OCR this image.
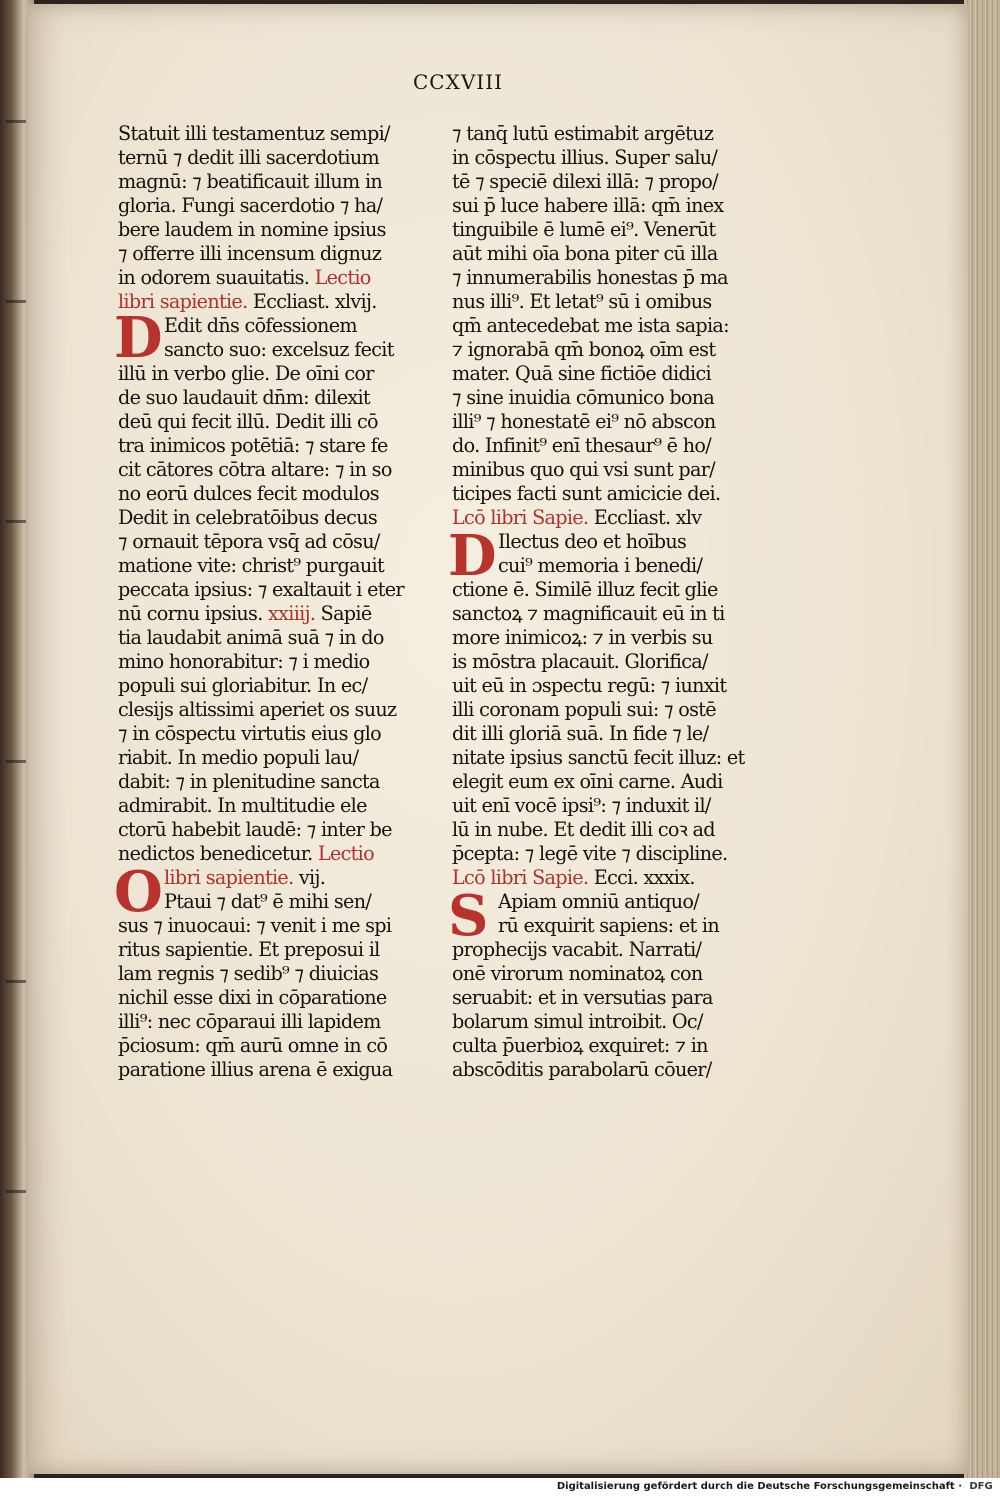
CCXVIII
Statuit illi testamentuz sempi/
ternū ⁊ dedit illi sacerdotium
magnū: ⁊ beatificauit illum in
gloria. Fungi sacerdotio ⁊ ha/
bere laudem in nomine ipsius
⁊ offerre illi incensum dignuz
in odorem suauitatis. Lectio
libri sapientie. Eccliast. xlvij.
D Edit dn̄s cōfessionem
sancto suo: excelsuz fecit
illū in verbo glie. De oīni cor
de suo laudauit dn̄m: dilexit
deū qui fecit illū. Dedit illi cō
tra inimicos potētiā: ⁊ stare fe
cit cātores cōtra altare: ⁊ in so
no eorū dulces fecit modulos
Dedit in celebratōibus decus
⁊ ornauit tēpora vsq̄ ad cōsu/
matione vite: christ⁹ purgauit
peccata ipsius: ⁊ exaltauit i eter
nū cornu ipsius. xxiiij. Sapiē
tia laudabit animā suā ⁊ in do
mino honorabitur: ⁊ i medio
populi sui gloriabitur. In ec/
clesijs altissimi aperiet os suuz
⁊ in cōspectu virtutis eius glo
riabit. In medio populi lau/
dabit: ⁊ in plenitudine sancta
admirabit. In multitudie ele
ctorū habebit laudē: ⁊ inter be
nedictos benedicetur. Lectio
O libri sapientie. vij.
Ptaui ⁊ dat⁹ ē mihi sen/
sus ⁊ inuocaui: ⁊ venit i me spi
ritus sapientie. Et preposui il
lam regnis ⁊ sedib⁹ ⁊ diuicias
nichil esse dixi in cōparatione
illi⁹: nec cōparaui illi lapidem
p̄ciosum: qm̄ aurū omne in cō
paratione illius arena ē exigua
⁊ tanq̄ lutū estimabit argētuz
in cōspectu illius. Super salu/
tē ⁊ speciē dilexi illā: ⁊ propo/
sui p̄ luce habere illā: qm̄ inex
tinguibile ē lumē ei⁹. Venerūt
aūt mihi oīa bona piter cū illa
⁊ innumerabilis honestas p̄ ma
nus illi⁹. Et letat⁹ sū i omibus
qm̄ antecedebat me ista sapia:
⁊ ignorabā qm̄ bonoꝝ oīm est
mater. Quā sine fictiōe didici
⁊ sine inuidia cōmunico bona
illi⁹ ⁊ honestatē ei⁹ nō abscon
do. Infinit⁹ enī thesaur⁹ ē ho/
minibus quo qui vsi sunt par/
ticipes facti sunt amicicie dei.
Lcō libri Sapie. Eccliast. xlv
D Ilectus deo et hoībus
cui⁹ memoria i benedi/
ctione ē. Similē illuz fecit glie
sanctoꝝ ⁊ magnificauit eū in ti
more inimicoꝝ: ⁊ in verbis su
is mōstra placauit. Glorifica/
uit eū in ɔspectu regū: ⁊ iunxit
illi coronam populi sui: ⁊ ostē
dit illi gloriā suā. In fide ⁊ le/
nitate ipsius sanctū fecit illuz: et
elegit eum ex oīni carne. Audi
uit enī vocē ipsi⁹: ⁊ induxit il/
lū in nube. Et dedit illi coꝛ ad
p̄cepta: ⁊ legē vite ⁊ discipline.
Lcō libri Sapie. Ecci. xxxix.
S Apiam omniū antiquo/
rū exquirit sapiens: et in
prophecijs vacabit. Narrati/
onē virorum nominatoꝝ con
seruabit: et in versutias para
bolarum simul introibit. Oc/
culta p̄uerbioꝝ exquiret: ⁊ in
abscōditis parabolarū cōuer/
Digitalisierung gefördert durch die Deutsche Forschungsgemeinschaft · DFG
